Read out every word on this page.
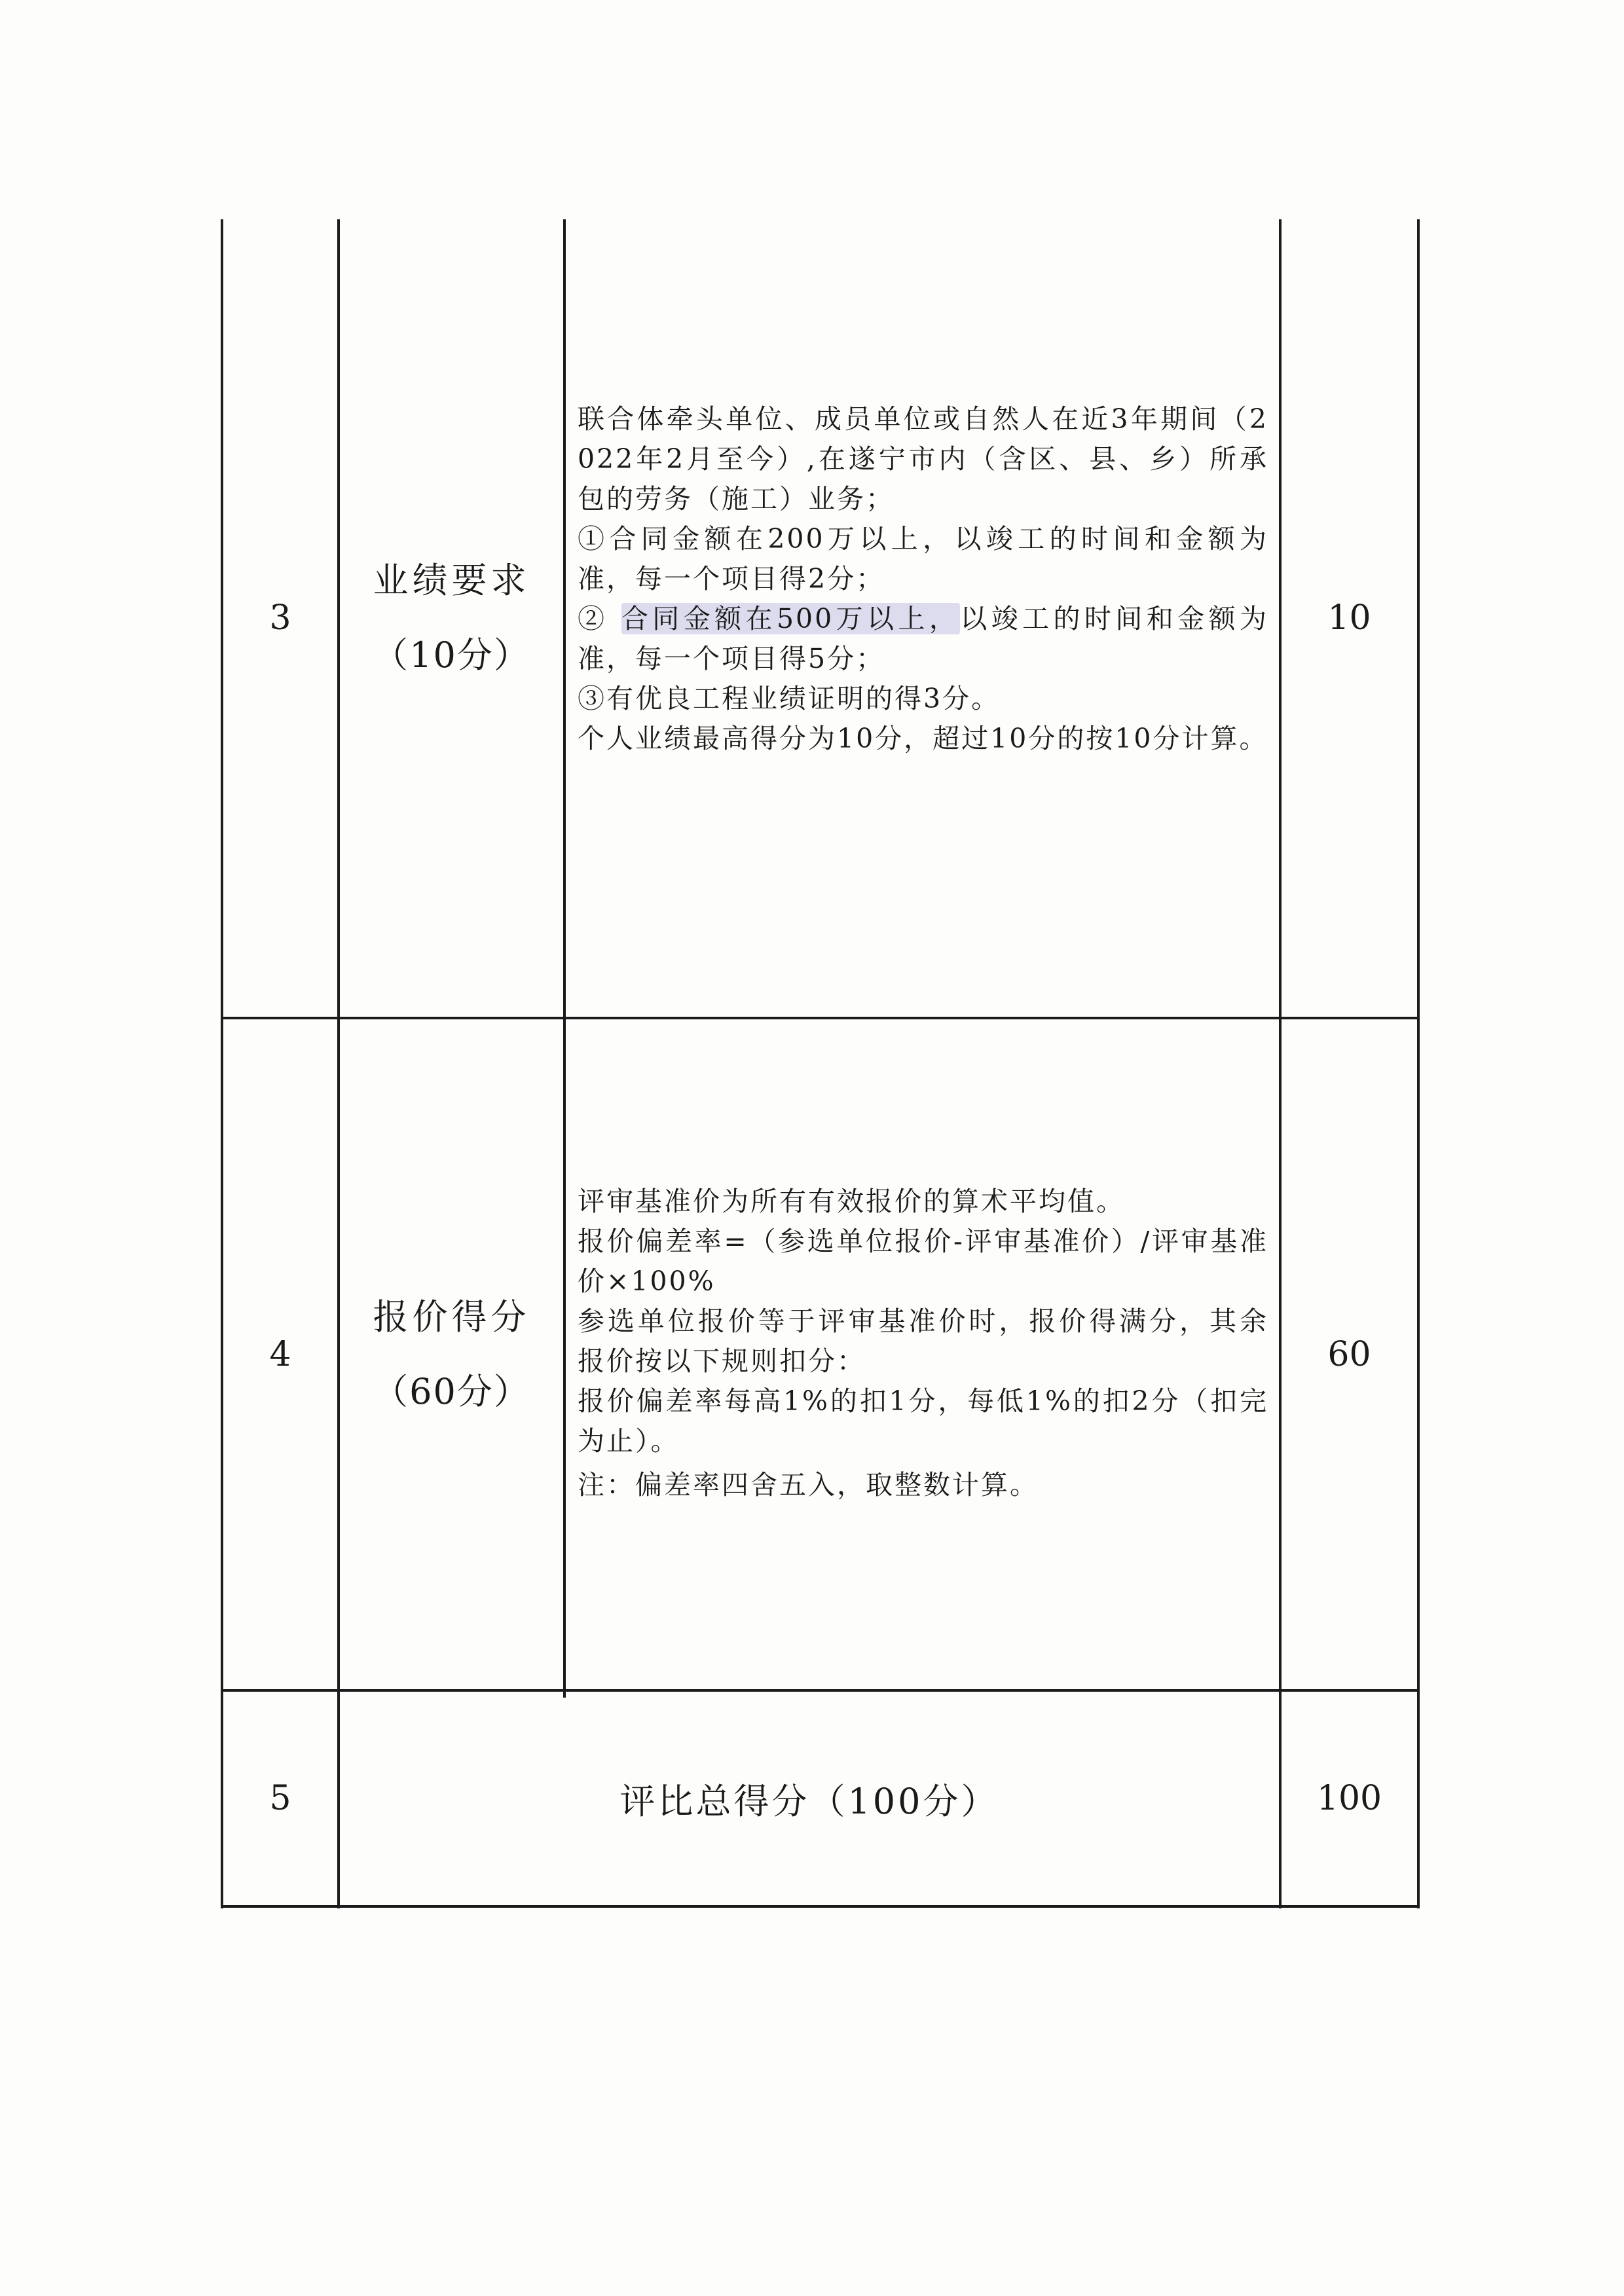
3
业绩要求
（10分）

联合体牵头单位、成员单位或自然人在近3年期间（2022年2月至今）,在遂宁市内（含区、县、乡）所承包的劳务（施工）业务；

①合同金额在200万以上，以竣工的时间和金额为准，每一个项目得2分；

② 合同金额在500万以上，以竣工的时间和金额为准，每一个项目得5分；

③有优良工程业绩证明的得3分。

个人业绩最高得分为10分，超过10分的按10分计算。

10
4
报价得分
（60分）

评审基准价为所有有效报价的算术平均值。

报价偏差率=（参选单位报价-评审基准价）/评审基准价×100%

参选单位报价等于评审基准价时，报价得满分，其余报价按以下规则扣分：

报价偏差率每高1%的扣1分，每低1%的扣2分（扣完为止）。

注：偏差率四舍五入，取整数计算。

60
5	评比总得分（100分）	100
